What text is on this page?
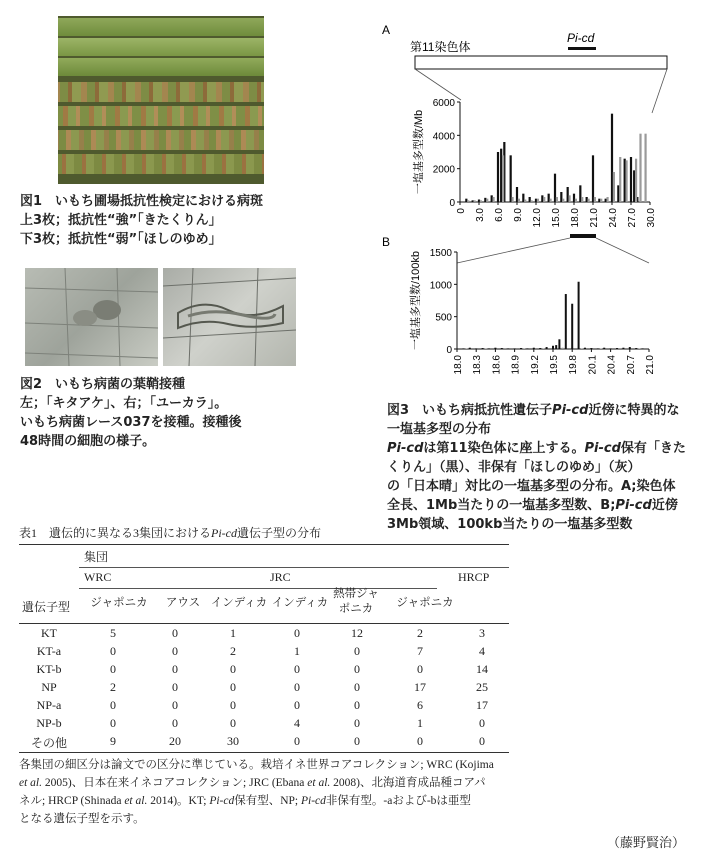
図1　いもち圃場抵抗性検定における病斑
上3枚；抵抗性“強”「きたくりん」
下3枚；抵抗性“弱”「ほしのゆめ」
図2　いもち病菌の葉鞘接種
左；「キタアケ」、右；「ユーカラ」。
いもち病菌レース037を接種。接種後
48時間の細胞の様子。
A
第11染色体
Pi-cd
B
0
2000
4000
6000
0 3.0 6.0 9.0 12.0 15.0 18.0 21.0 24.0 27.0 30.0
一塩基多型数/Mb
0
500
1000
1500
18.0 18.3 18.6 18.9 19.2 19.5 19.8 20.1 20.4 20.7 21.0
一塩基多型数/100kb
図3　いもち病抵抗性遺伝子Pi-cd近傍に特異的な
一塩基多型の分布
Pi-cdは第11染色体に座上する。Pi-cd保有「きた
くりん」（黒）、非保有「ほしのゆめ」（灰）
の「日本晴」対比の一塩基多型の分布。A;染色体
全長、1Mb当たりの一塩基多型数、B;Pi-cd近傍
3Mb領域、100kb当たりの一塩基多型数
表1　遺伝的に異なる3集団におけるPi-cd遺伝子型の分布
集団
WRC	JRC	HRCP
遺伝子型	ジャポニカ	アウス インディカ インディカ
熱帯ジャ
ポニカ	ジャポニカ
KT	5	0	1	0	12	2	3
KT-a	0	0	2	1	0	7	4
KT-b	0	0	0	0	0	0	14
NP	2	0	0	0	0	17	25
NP-a	0	0	0	0	0	6	17
NP-b	0	0	0	4	0	1	0
その他	9	20	30	0	0	0	0
各集団の細区分は論文での区分に準じている。栽培イネ世界コアコレクション; WRC (Kojima
et al. 2005)、日本在来イネコアコレクション; JRC (Ebana et al. 2008)、北海道育成品種コアパ
ネル; HRCP (Shinada et al. 2014)。KT; Pi-cd保有型、NP; Pi-cd非保有型。-aおよび-bは亜型
となる遺伝子型を示す。
（藤野賢治）
